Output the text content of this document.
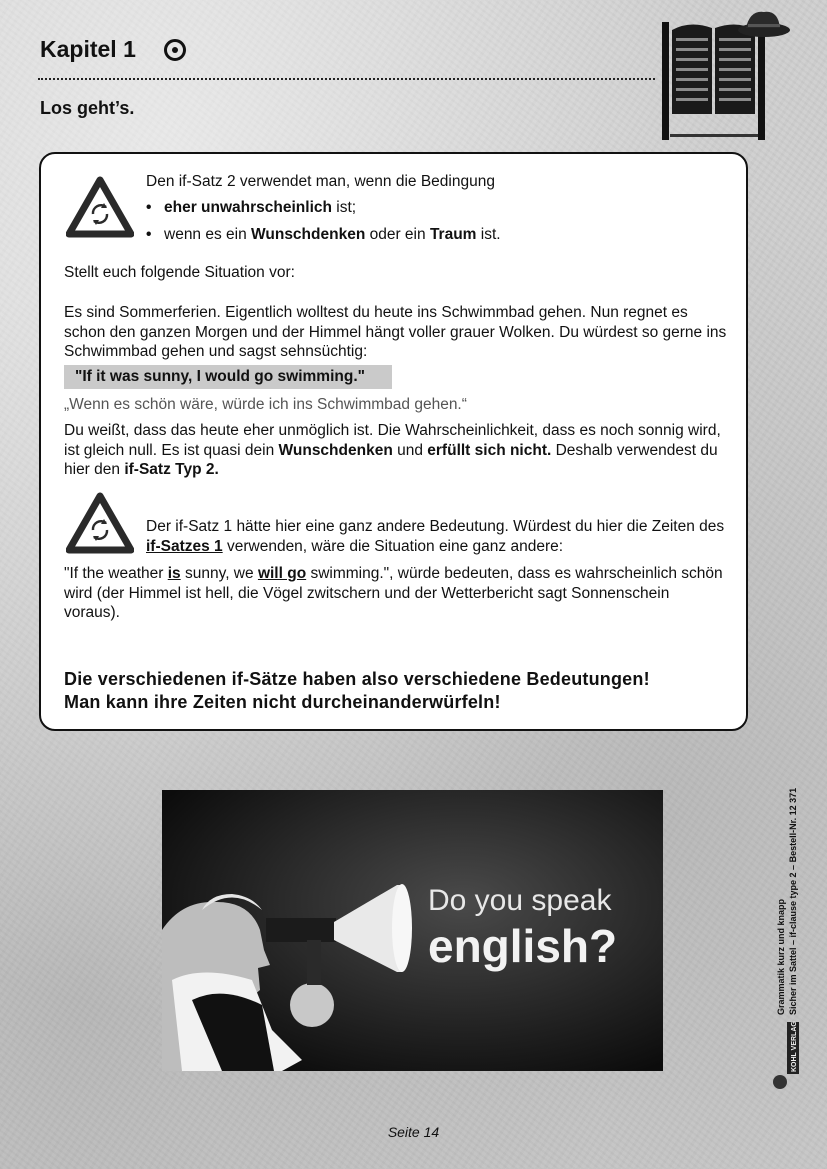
Kapitel 1
Los geht’s.
Den if-Satz 2 verwendet man, wenn die Bedingung
• eher unwahrscheinlich ist;
• wenn es ein Wunschdenken oder ein Traum ist.
Stellt euch folgende Situation vor:
Es sind Sommerferien. Eigentlich wolltest du heute ins Schwimmbad gehen. Nun regnet es schon den ganzen Morgen und der Himmel hängt voller grauer Wolken. Du würdest so gerne ins Schwimmbad gehen und sagst sehnsüchtig:
"If it was sunny, I would go swimming."
„Wenn es schön wäre, würde ich ins Schwimmbad gehen.“
Du weißt, dass das heute eher unmöglich ist. Die Wahrscheinlichkeit, dass es noch sonnig wird, ist gleich null. Es ist quasi dein Wunschdenken und erfüllt sich nicht. Deshalb verwendest du hier den if-Satz Typ 2.
Der if-Satz 1 hätte hier eine ganz andere Bedeutung. Würdest du hier die Zeiten des if-Satzes 1 verwenden, wäre die Situation eine ganz andere:
"If the weather is sunny, we will go swimming.", würde bedeuten, dass es wahrscheinlich schön wird (der Himmel ist hell, die Vögel zwitschern und der Wetterbericht sagt Sonnenschein voraus).
Die verschiedenen if-Sätze haben also verschiedene Bedeutungen!
Man kann ihre Zeiten nicht durcheinanderwürfeln!
Do you speak
english?	Grammatik kurz und knapp Sicher im Sattel – if-clause type 2 – Bestell-Nr. 12 371
KOHL VERLAG
Seite 14
